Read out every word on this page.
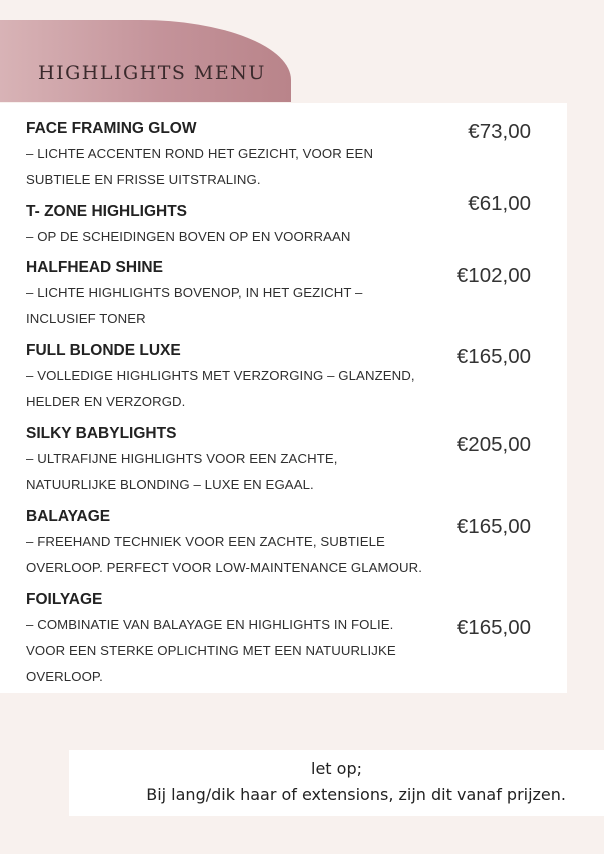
HIGHLIGHTS MENU

FACE FRAMING GLOW

– LICHTE ACCENTEN ROND HET GEZICHT, VOOR EEN SUBTIELE EN FRISSE UITSTRALING.

€73,00

T- ZONE HIGHLIGHTS

– OP DE SCHEIDINGEN BOVEN OP EN VOORRAAN

€61,00

HALFHEAD SHINE

– LICHTE HIGHLIGHTS BOVENOP, IN HET GEZICHT – INCLUSIEF TONER

€102,00

FULL BLONDE LUXE

– VOLLEDIGE HIGHLIGHTS MET VERZORGING – GLANZEND, HELDER EN VERZORGD.

€165,00

SILKY BABYLIGHTS

– ULTRAFIJNE HIGHLIGHTS VOOR EEN ZACHTE, NATUURLIJKE BLONDING – LUXE EN EGAAL.

€205,00

BALAYAGE

– FREEHAND TECHNIEK VOOR EEN ZACHTE, SUBTIELE OVERLOOP. PERFECT VOOR LOW-MAINTENANCE GLAMOUR.

€165,00

FOILYAGE

– COMBINATIE VAN BALAYAGE EN HIGHLIGHTS IN FOLIE. VOOR EEN STERKE OPLICHTING MET EEN NATUURLIJKE OVERLOOP.

€165,00
let op;
Bij lang/dik haar of extensions, zijn dit vanaf prijzen.
